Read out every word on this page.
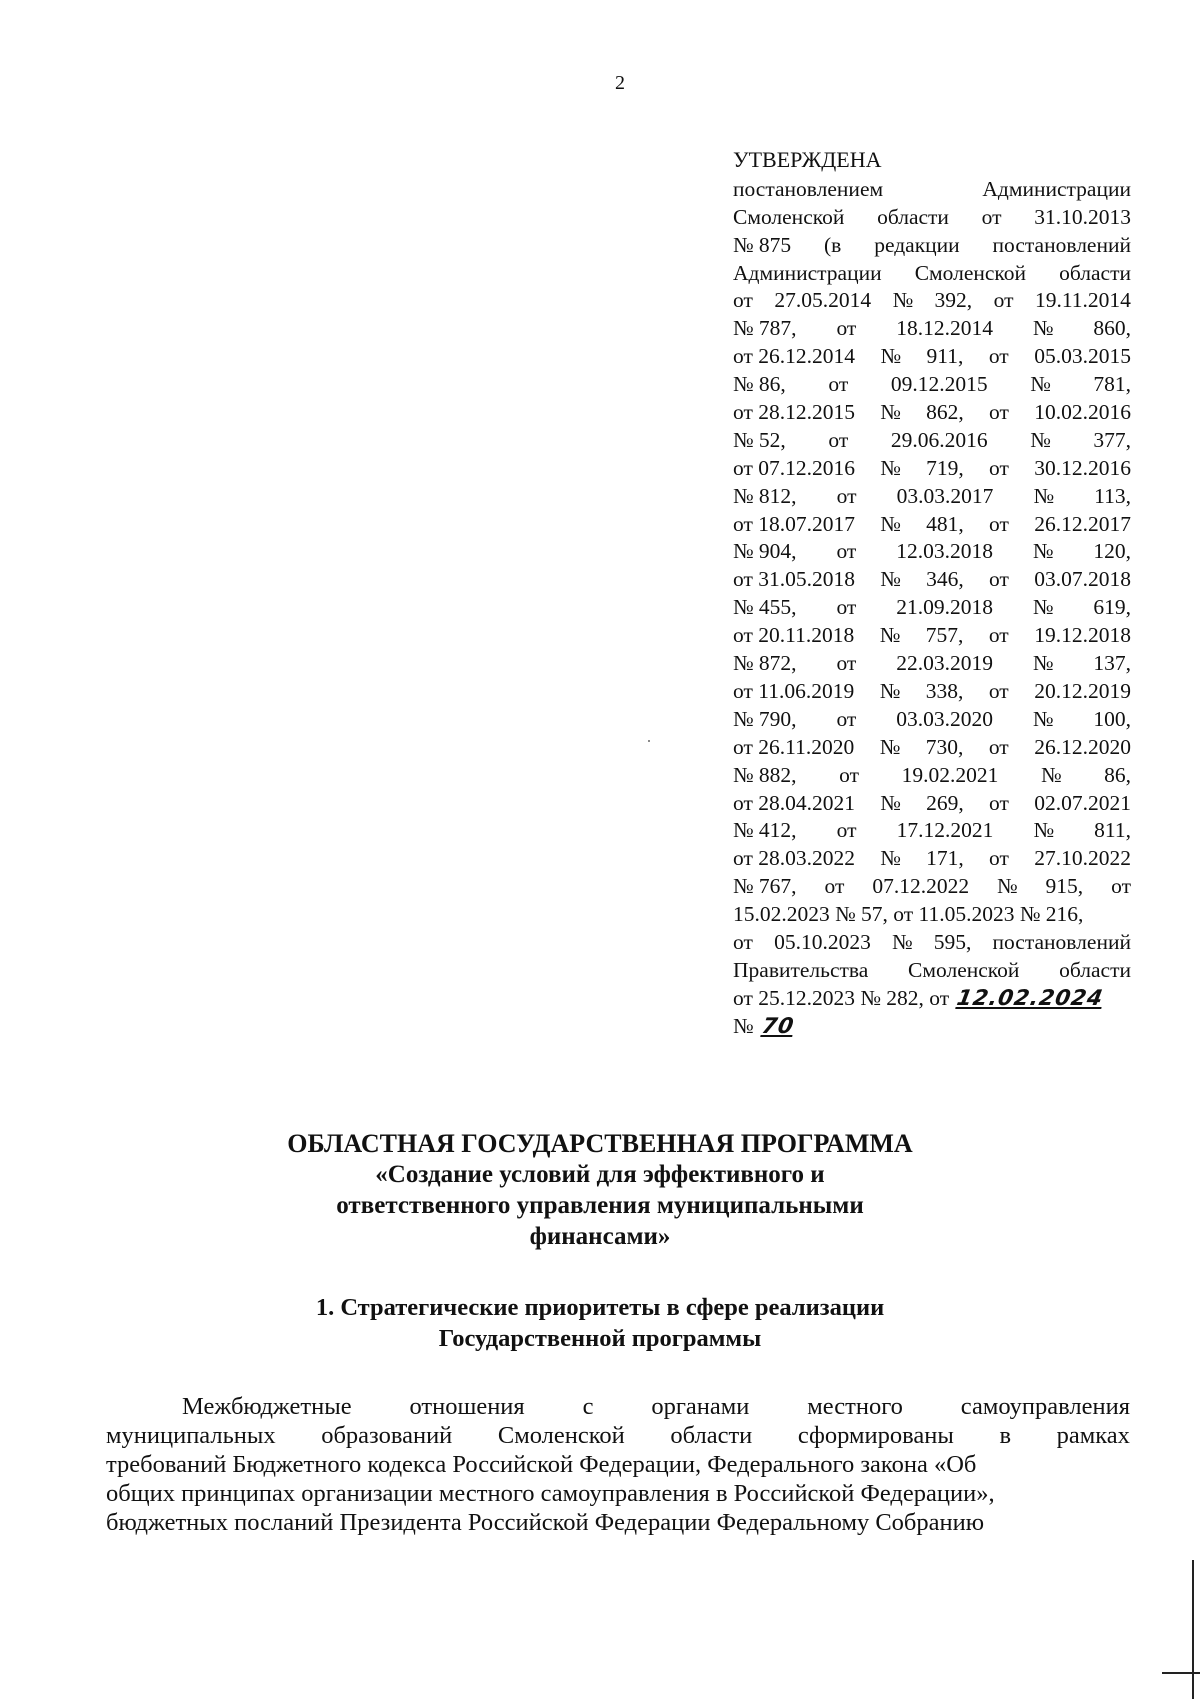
2
УТВЕРЖДЕНА
постановлением	Администрации
Смоленской области от 31.10.2013
№ 875 (в редакции постановлений
Администрации Смоленской области
от 27.05.2014 № 392, от 19.11.2014
№ 787, от 18.12.2014 № 860,
от 26.12.2014 № 911, от 05.03.2015
№ 86, от 09.12.2015 № 781,
от 28.12.2015 № 862, от 10.02.2016
№ 52, от 29.06.2016 № 377,
от 07.12.2016 № 719, от 30.12.2016
№ 812, от 03.03.2017 № 113,
от 18.07.2017 № 481, от 26.12.2017
№ 904, от 12.03.2018 № 120,
от 31.05.2018 № 346, от 03.07.2018
№ 455, от 21.09.2018 № 619,
от 20.11.2018 № 757, от 19.12.2018
№ 872, от 22.03.2019 № 137,
от 11.06.2019 № 338, от 20.12.2019
№ 790, от 03.03.2020 № 100,
от 26.11.2020 № 730, от 26.12.2020
№ 882, от 19.02.2021 № 86,
от 28.04.2021 № 269, от 02.07.2021
№ 412, от 17.12.2021 № 811,
от 28.03.2022 № 171, от 27.10.2022
№ 767, от 07.12.2022 № 915, от
15.02.2023 № 57, от 11.05.2023 № 216,
от 05.10.2023 № 595, постановлений
Правительства Смоленской области
от 25.12.2023 № 282, от 12.02.2024
№ 70
ОБЛАСТНАЯ ГОСУДАРСТВЕННАЯ ПРОГРАММА
«Создание условий для эффективного и
ответственного управления муниципальными
финансами»
1. Стратегические приоритеты в сфере реализации
Государственной программы
Межбюджетные отношения с органами местного самоуправления
муниципальных образований Смоленской области сформированы в рамках
требований Бюджетного кодекса Российской Федерации, Федерального закона «Об
общих принципах организации местного самоуправления в Российской Федерации»,
бюджетных посланий Президента Российской Федерации Федеральному Собранию
